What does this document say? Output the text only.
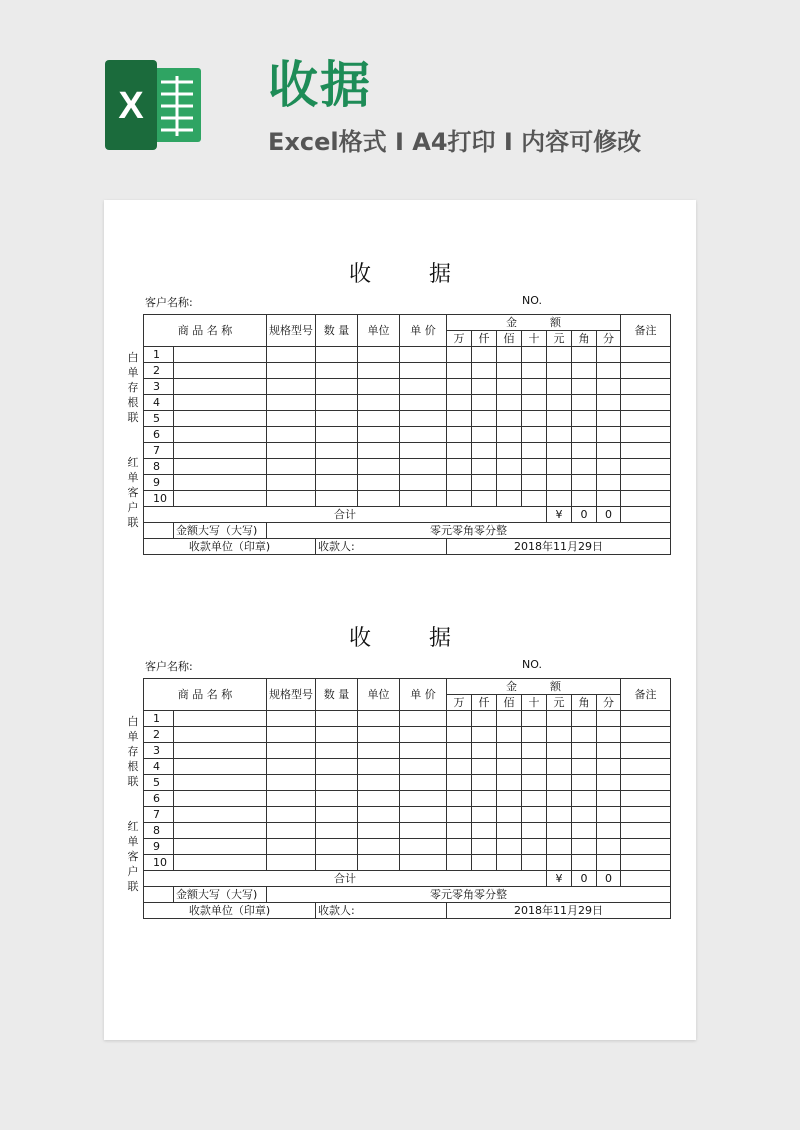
X 收据
Excel格式 I A4打印 I 内容可修改
收	据
客户名称:	NO.
白
单
存
根
联
红
单
客
户
联
商 品 名 称		规格型号	数 量	单位	单 价	金　　　额							备注
						万	仟	佰	十	元	角	分	
1													
2													
3													
4													
5													
6													
7													
8													
9													
10													
合计										¥	0	0	
	金额大写（大写)	零元零角零分整											
收款单位（印章)			收款人:			2018年11月29日							
收	据
客户名称:	NO.
白
单
存
根
联
红
单
客
户
联
商 品 名 称		规格型号	数 量	单位	单 价	金　　　额							备注
						万	仟	佰	十	元	角	分	
1													
2													
3													
4													
5													
6													
7													
8													
9													
10													
合计										¥	0	0	
	金额大写（大写)	零元零角零分整											
收款单位（印章)			收款人:			2018年11月29日							
